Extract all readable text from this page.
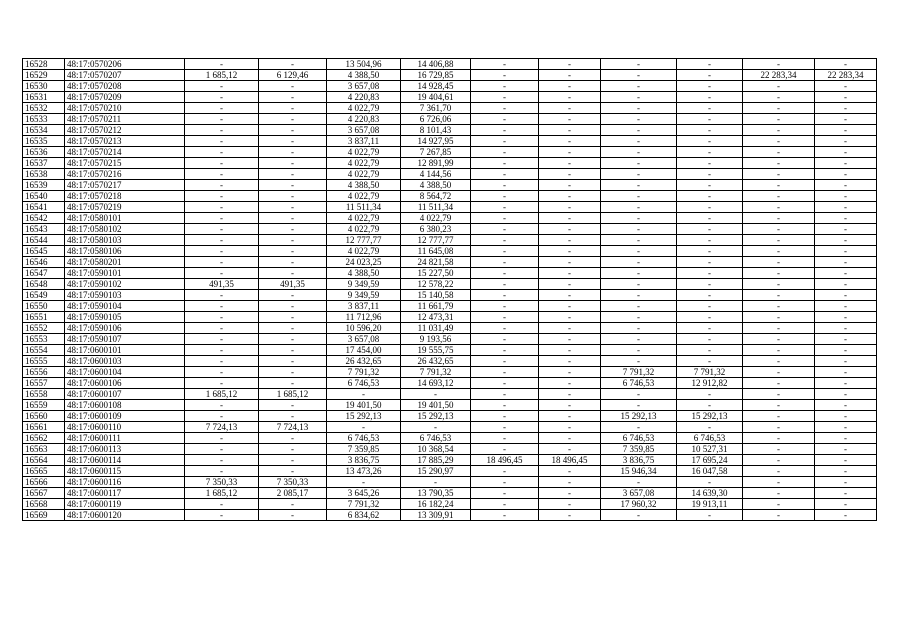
16528	48:17:0570206	-	-	13 504,96	14 406,88	-	-	-	-	-	-
16529	48:17:0570207	1 685,12	6 129,46	4 388,50	16 729,85	-	-	-	-	22 283,34	22 283,34
16530	48:17:0570208	-	-	3 657,08	14 928,45	-	-	-	-	-	-
16531	48:17:0570209	-	-	4 220,83	19 404,61	-	-	-	-	-	-
16532	48:17:0570210	-	-	4 022,79	7 361,70	-	-	-	-	-	-
16533	48:17:0570211	-	-	4 220,83	6 726,06	-	-	-	-	-	-
16534	48:17:0570212	-	-	3 657,08	8 101,43	-	-	-	-	-	-
16535	48:17:0570213	-	-	3 837,11	14 927,95	-	-	-	-	-	-
16536	48:17:0570214	-	-	4 022,79	7 267,85	-	-	-	-	-	-
16537	48:17:0570215	-	-	4 022,79	12 891,99	-	-	-	-	-	-
16538	48:17:0570216	-	-	4 022,79	4 144,56	-	-	-	-	-	-
16539	48:17:0570217	-	-	4 388,50	4 388,50	-	-	-	-	-	-
16540	48:17:0570218	-	-	4 022,79	8 564,72	-	-	-	-	-	-
16541	48:17:0570219	-	-	11 511,34	11 511,34	-	-	-	-	-	-
16542	48:17:0580101	-	-	4 022,79	4 022,79	-	-	-	-	-	-
16543	48:17:0580102	-	-	4 022,79	6 380,23	-	-	-	-	-	-
16544	48:17:0580103	-	-	12 777,77	12 777,77	-	-	-	-	-	-
16545	48:17:0580106	-	-	4 022,79	11 645,08	-	-	-	-	-	-
16546	48:17:0580201	-	-	24 023,25	24 821,58	-	-	-	-	-	-
16547	48:17:0590101	-	-	4 388,50	15 227,50	-	-	-	-	-	-
16548	48:17:0590102	491,35	491,35	9 349,59	12 578,22	-	-	-	-	-	-
16549	48:17:0590103	-	-	9 349,59	15 140,58	-	-	-	-	-	-
16550	48:17:0590104	-	-	3 837,11	11 661,79	-	-	-	-	-	-
16551	48:17:0590105	-	-	11 712,96	12 473,31	-	-	-	-	-	-
16552	48:17:0590106	-	-	10 596,20	11 031,49	-	-	-	-	-	-
16553	48:17:0590107	-	-	3 657,08	9 193,56	-	-	-	-	-	-
16554	48:17:0600101	-	-	17 454,00	19 555,75	-	-	-	-	-	-
16555	48:17:0600103	-	-	26 432,65	26 432,65	-	-	-	-	-	-
16556	48:17:0600104	-	-	7 791,32	7 791,32	-	-	7 791,32	7 791,32	-	-
16557	48:17:0600106	-	-	6 746,53	14 693,12	-	-	6 746,53	12 912,82	-	-
16558	48:17:0600107	1 685,12	1 685,12	-	-	-	-	-	-	-	-
16559	48:17:0600108	-	-	19 401,50	19 401,50	-	-	-	-	-	-
16560	48:17:0600109	-	-	15 292,13	15 292,13	-	-	15 292,13	15 292,13	-	-
16561	48:17:0600110	7 724,13	7 724,13	-	-	-	-	-	-	-	-
16562	48:17:0600111	-	-	6 746,53	6 746,53	-	-	6 746,53	6 746,53	-	-
16563	48:17:0600113	-	-	7 359,85	10 368,54	-	-	7 359,85	10 527,31	-	-
16564	48:17:0600114	-	-	3 836,75	17 885,29	18 496,45	18 496,45	3 836,75	17 695,24	-	-
16565	48:17:0600115	-	-	13 473,26	15 290,97	-	-	15 946,34	16 047,58	-	-
16566	48:17:0600116	7 350,33	7 350,33	-	-	-	-	-	-	-	-
16567	48:17:0600117	1 685,12	2 085,17	3 645,26	13 790,35	-	-	3 657,08	14 639,30	-	-
16568	48:17:0600119	-	-	7 791,32	16 182,24	-	-	17 960,32	19 913,11	-	-
16569	48:17:0600120	-	-	6 834,62	13 309,91	-	-	-	-	-	-
